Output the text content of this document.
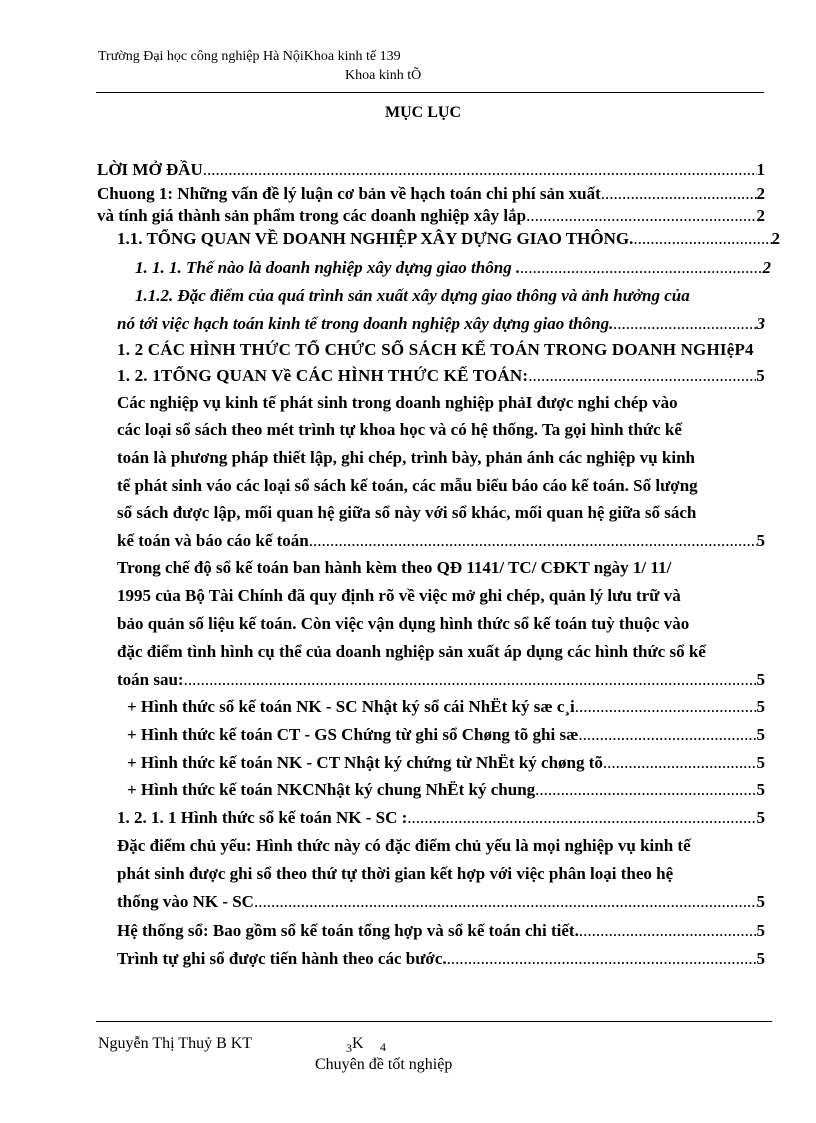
Trường Đại học công nghiệp Hà NộiKhoa kinh tế 139
Khoa kinh tÕ
MỤC LỤC
LỜI MỞ ĐẦU .....	1
Chuong 1: Những vấn đề lý luận cơ bản về hạch toán chi phí sản xuất .....	2
và tính giá thành sản phẩm trong các doanh nghiệp xây lắp .....	2
1.1. TỔNG QUAN VỀ DOANH NGHIỆP XÂY DỰNG GIAO THÔNG. .....	2
1. 1. 1. Thế nào là doanh nghiệp xây dựng giao thông . .....	2
1.1.2. Đặc điểm của quá trình sản xuất xây dựng giao thông và ảnh hưởng của
nó tới việc hạch toán kinh tế trong doanh nghiệp xây dựng giao thông. .....	3
1. 2 CÁC HÌNH THỨC TỔ CHỨC SỔ SÁCH KẾ TOÁN TRONG DOANH NGHIệP 4
1. 2. 1TỔNG QUAN Về CÁC HÌNH THỨC KẾ TOÁN: .....	5
Các nghiệp vụ kinh tế phát sinh trong doanh nghiệp phảI được nghi chép vào
các loại sổ sách theo mét trình tự khoa học và có hệ thống. Ta gọi hình thức kế
toán là phương pháp thiết lập, ghi chép, trình bày, phản ánh các nghiệp vụ kinh
tế phát sinh váo các loại sổ sách kế toán, các mẫu biểu báo cáo kế toán. Số lượng
sổ sách được lập, mối quan hệ giữa sổ này với sổ khác, mối quan hệ giữa sổ sách
kế toán và báo cáo kế toán .....	5
Trong chế độ sổ kế toán ban hành kèm theo QĐ 1141/ TC/ CĐKT ngày 1/ 11/
1995 của Bộ Tài Chính đã quy định rõ về việc mở ghi chép, quản lý lưu trữ và
bảo quản số liệu kế toán. Còn việc vận dụng hình thức sổ kế toán tuỳ thuộc vào
đặc điểm tình hình cụ thể của doanh nghiệp sản xuất áp dụng các hình thức sổ kế
toán sau: .....	5
+ Hình thức sổ kế toán NK - SC Nhật ký sổ cái NhËt ký sæ c¸i .....	5
+ Hình thức kế toán CT - GS Chứng từ ghi sổ Chøng tõ ghi sæ .....	5
+ Hình thức kế toán NK - CT Nhật ký chứng từ NhËt ký chøng tõ .....	5
+ Hình thức kế toán NKCNhật ký chung NhËt ký chung .....	5
1. 2. 1. 1 Hình thức sổ kế toán NK - SC : .....	5
Đặc điểm chủ yếu: Hình thức này có đặc điểm chủ yếu là mọi nghiệp vụ kinh tế
phát sinh được ghi sổ theo thứ tự thời gian kết hợp với việc phân loại theo hệ
thống vào NK - SC .....	5
Hệ thống sổ: Bao gồm sổ kế toán tổng hợp và sổ kế toán chi tiết. .....	5
Trình tự ghi sổ được tiến hành theo các bước. .....	5
Nguyễn Thị Thuỷ B KT	$_3$K 4
Chuyên đề tốt nghiệp
